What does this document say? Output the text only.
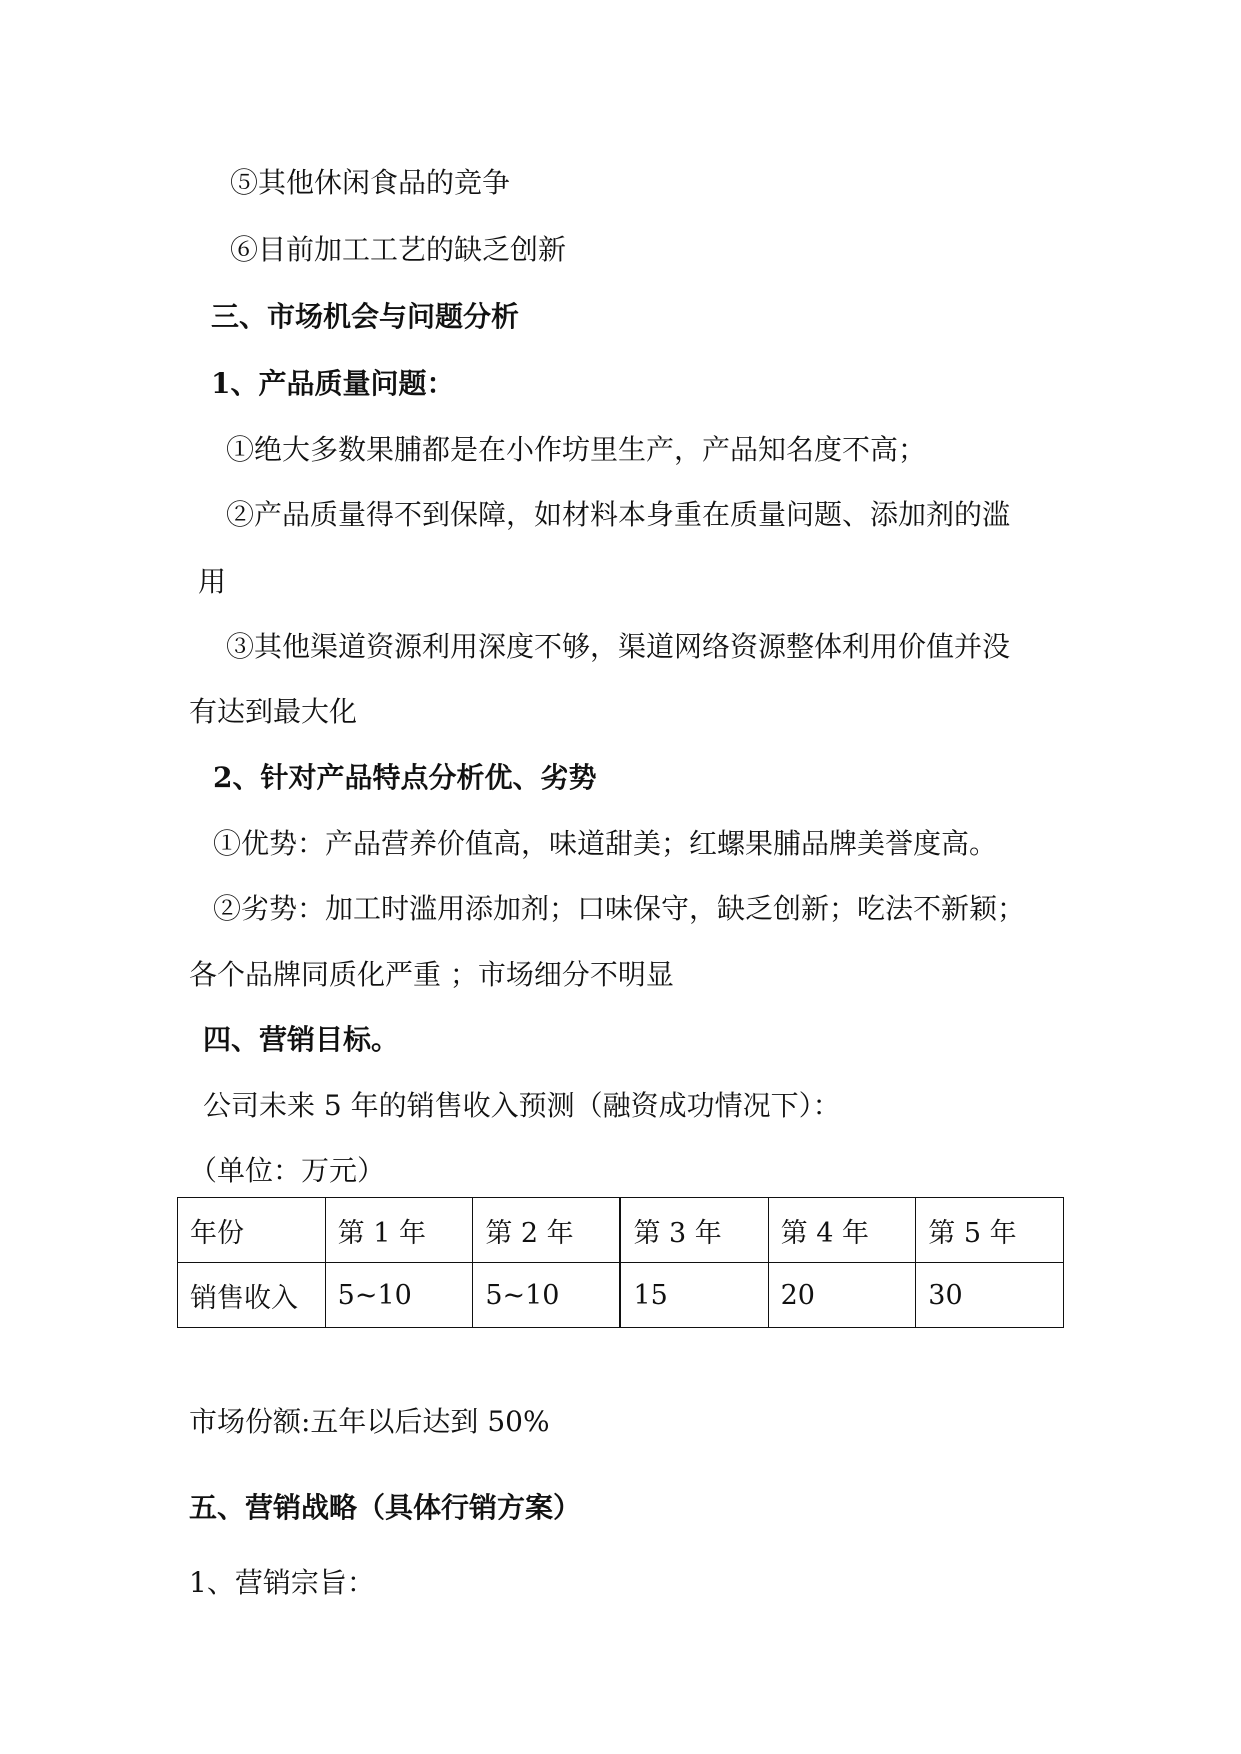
⑤其他休闲食品的竞争
⑥目前加工工艺的缺乏创新
三、市场机会与问题分析
1、产品质量问题：
①绝大多数果脯都是在小作坊里生产，产品知名度不高；
②产品质量得不到保障，如材料本身重在质量问题、添加剂的滥
用
③其他渠道资源利用深度不够，渠道网络资源整体利用价值并没
有达到最大化
2、针对产品特点分析优、劣势
①优势：产品营养价值高，味道甜美；红螺果脯品牌美誉度高。
②劣势：加工时滥用添加剂；口味保守，缺乏创新；吃法不新颖；
各个品牌同质化严重 ；市场细分不明显
四、营销目标。
公司未来 5 年的销售收入预测（融资成功情况下）：
（单位：万元）
年份	第 1 年	第 2 年	第 3 年	第 4 年	第 5 年
销售收入	5~10	5~10	15	20	30
市场份额:五年以后达到 50%
五、营销战略（具体行销方案）
1、营销宗旨：
